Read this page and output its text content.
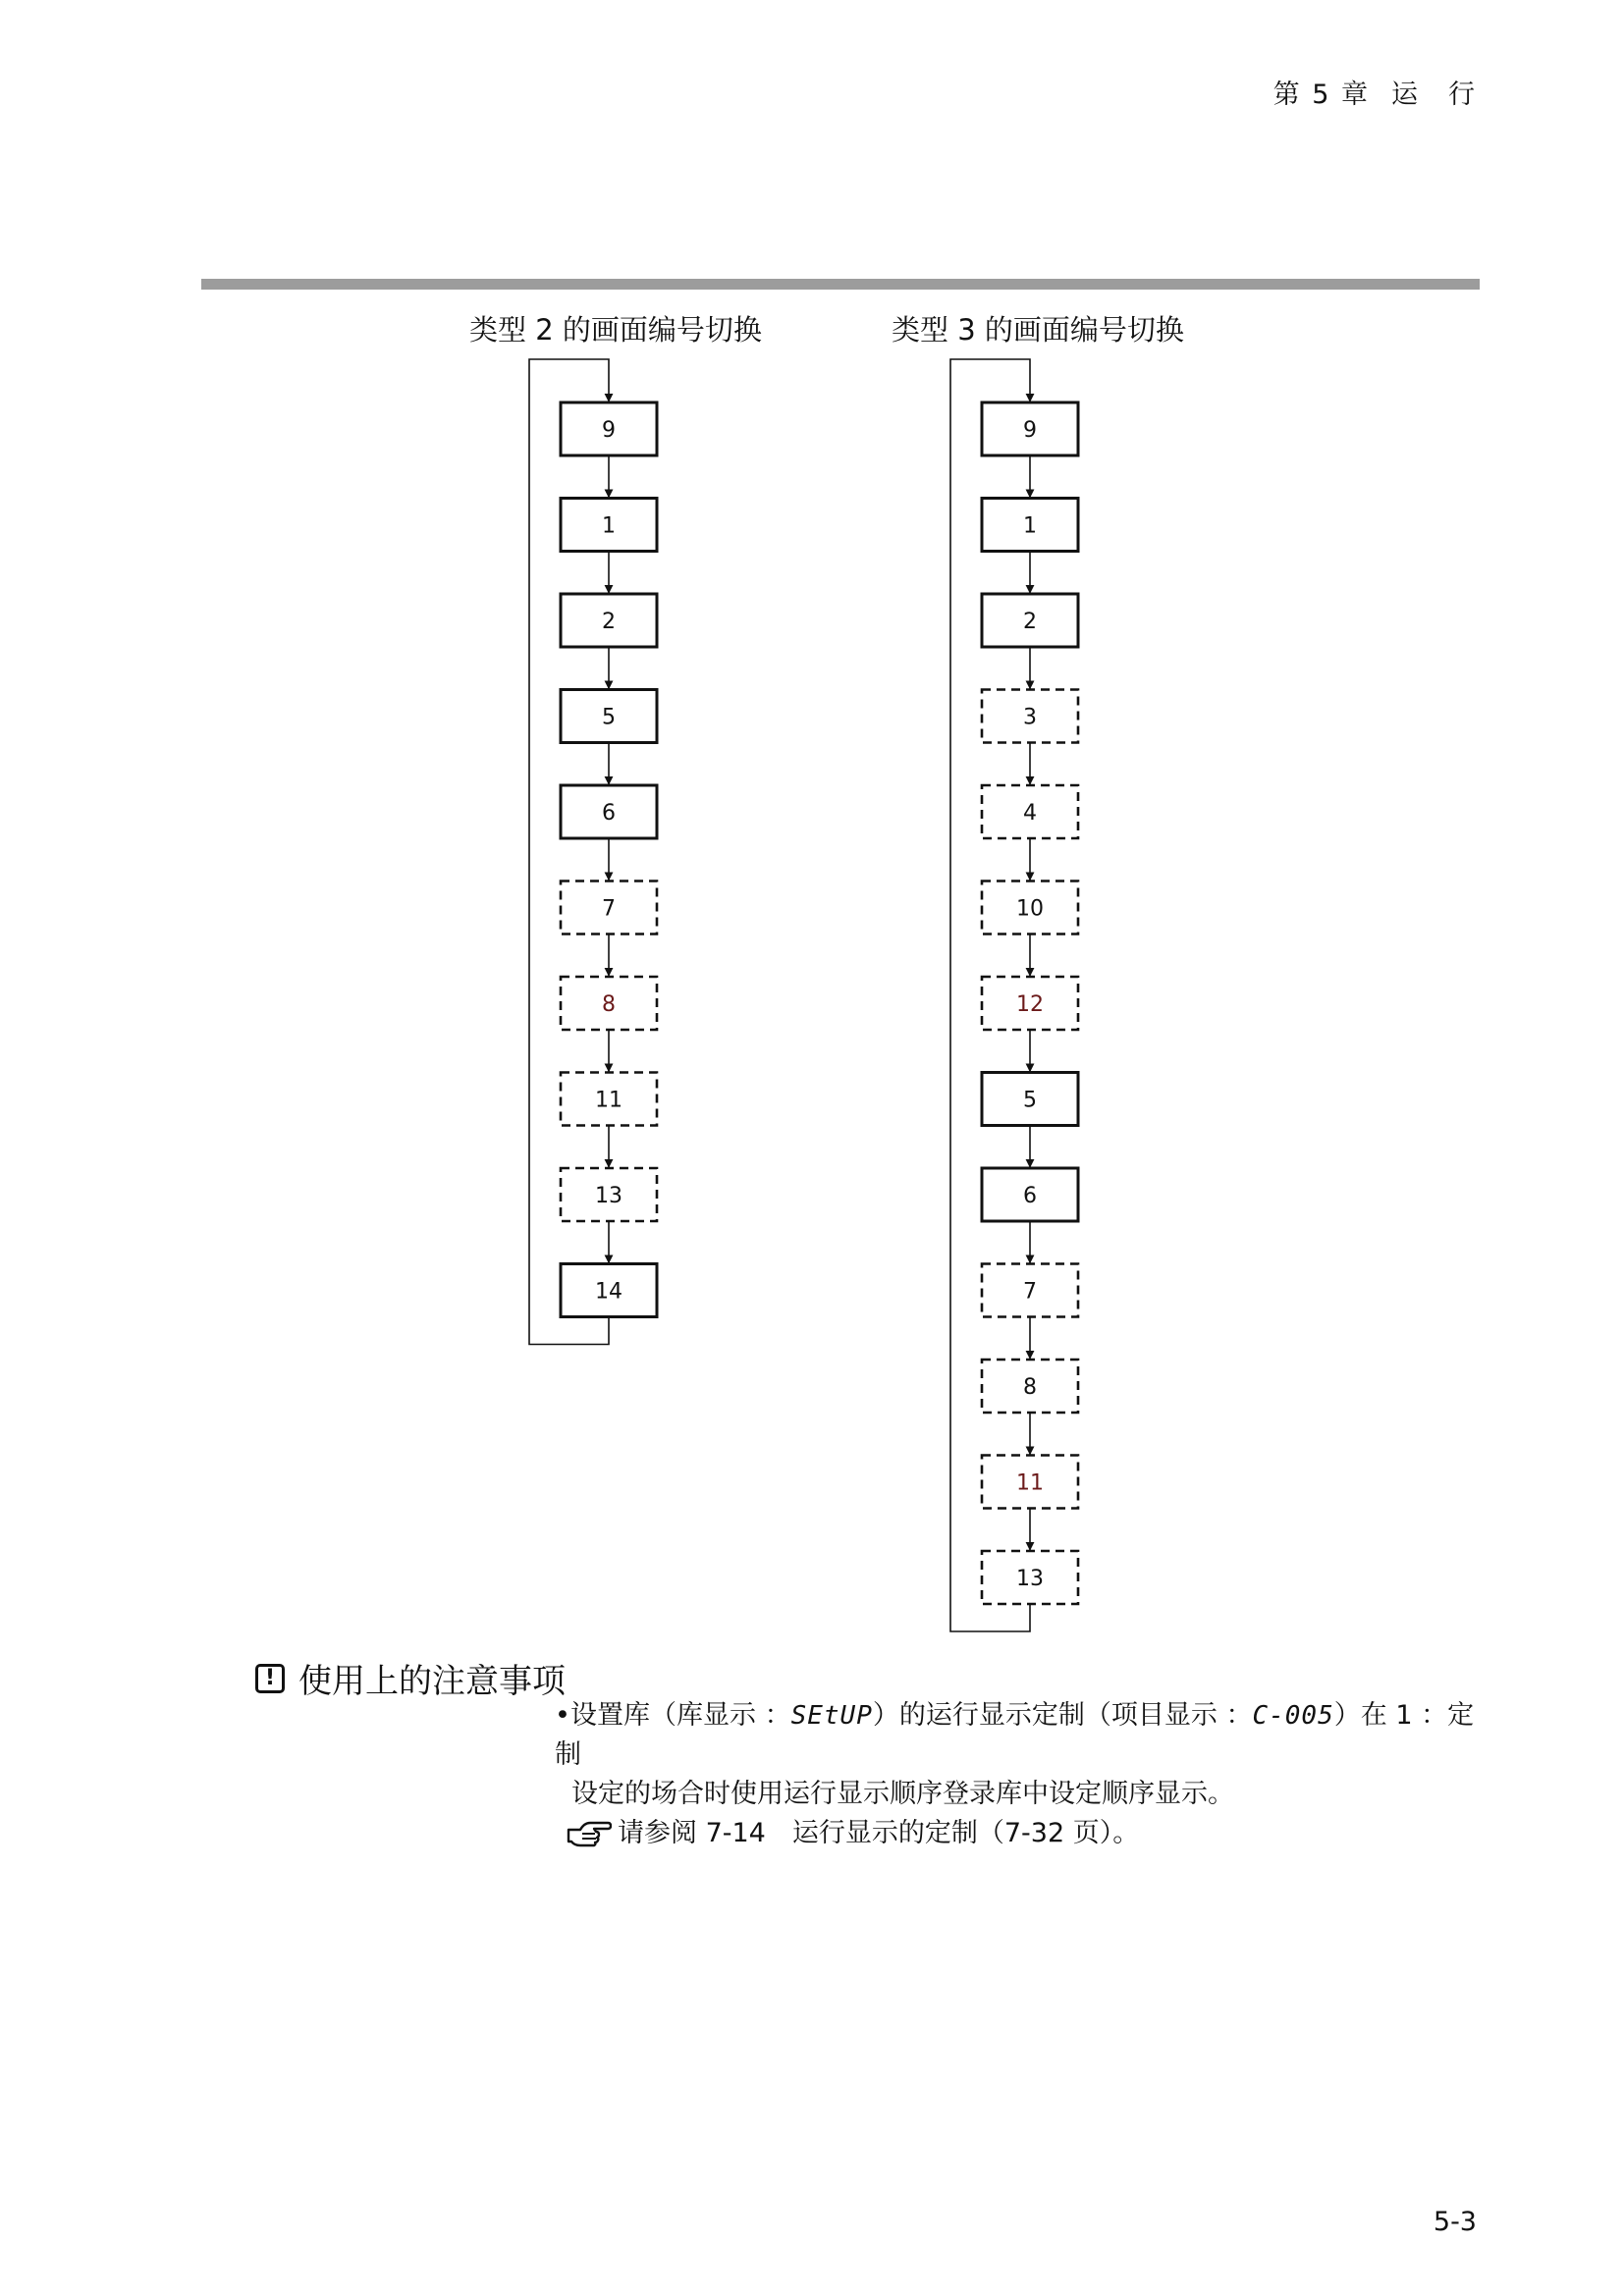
第 5 章 运　行
类型 2 的画面编号切换	类型 3 的画面编号切换
9
1
2
5
6
7
8
11
13
14
9
1
2
3
4
10
12
5
6
7
8
11
13
! 使用上的注意事项
•设置库（库显示 ：SEtUP）的运行显示定制（项目显示 ：C-005）在 1 ：定制
设定的场合时使用运行显示顺序登录库中设定顺序显示。
请参阅 7-14　运行显示的定制（7-32 页）。
5-3
